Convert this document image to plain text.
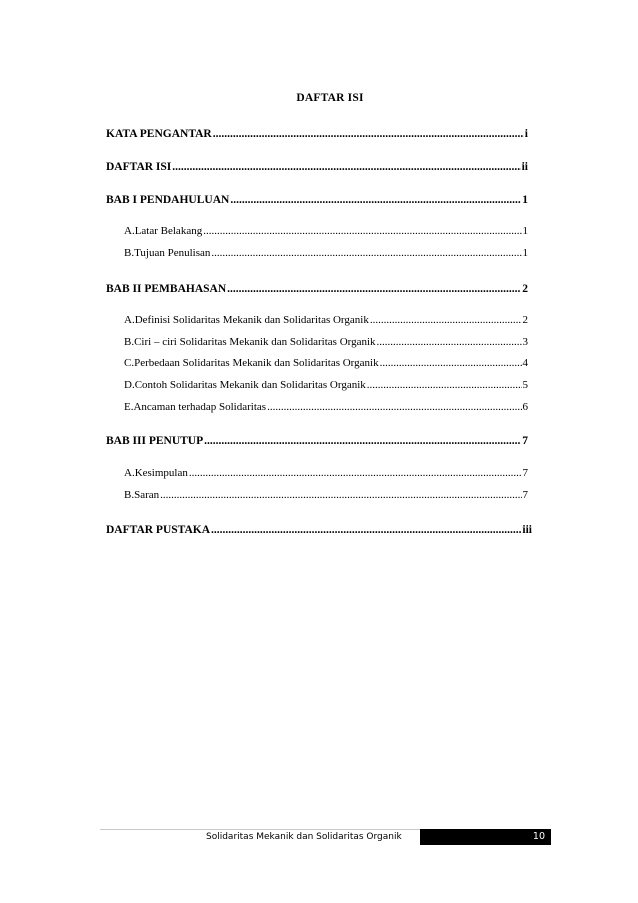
DAFTAR ISI
KATA PENGANTAR .....	i
DAFTAR ISI .....	ii
BAB I PENDAHULUAN .....	1
A. Latar Belakang .....	1
B. Tujuan Penulisan .....	1
BAB II PEMBAHASAN .....	2
A. Definisi Solidaritas Mekanik dan Solidaritas Organik .....	2
B. Ciri – ciri Solidaritas Mekanik dan Solidaritas Organik .....	3
C. Perbedaan Solidaritas Mekanik dan Solidaritas Organik .....	4
D. Contoh Solidaritas Mekanik dan Solidaritas Organik .....	5
E. Ancaman terhadap Solidaritas .....	6
BAB III PENUTUP .....	7
A. Kesimpulan .....	7
B. Saran .....	7
DAFTAR PUSTAKA .....	iii
Solidaritas Mekanik dan Solidaritas Organik	10
